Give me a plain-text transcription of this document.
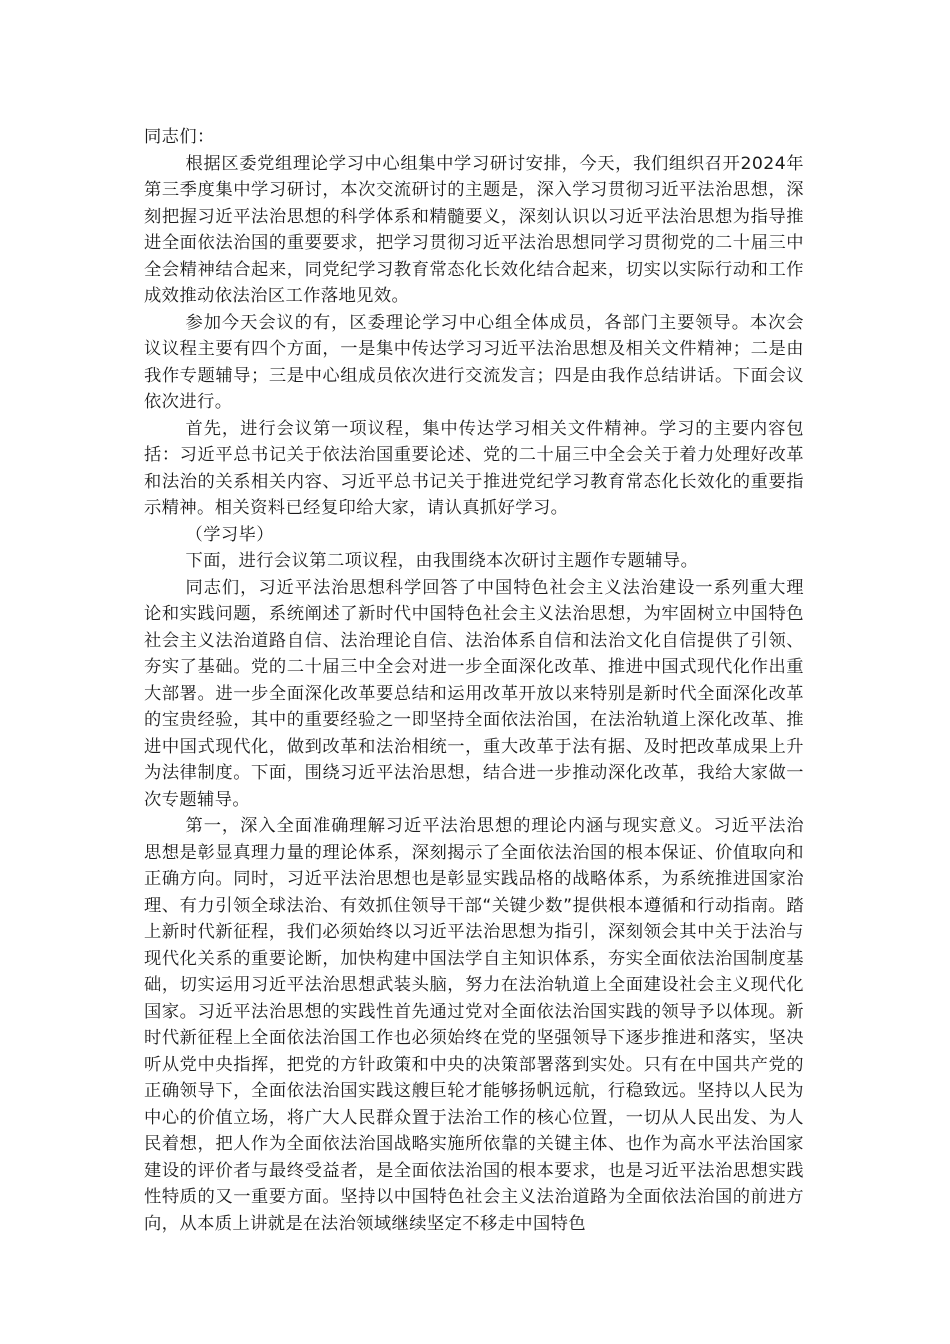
同志们：

根据区委党组理论学习中心组集中学习研讨安排，今天，我们组织召开2024年第三季度集中学习研讨，本次交流研讨的主题是，深入学习贯彻习近平法治思想，深刻把握习近平法治思想的科学体系和精髓要义，深刻认识以习近平法治思想为指导推进全面依法治国的重要要求，把学习贯彻习近平法治思想同学习贯彻党的二十届三中全会精神结合起来，同党纪学习教育常态化长效化结合起来，切实以实际行动和工作成效推动依法治区工作落地见效。

参加今天会议的有，区委理论学习中心组全体成员，各部门主要领导。本次会议议程主要有四个方面，一是集中传达学习习近平法治思想及相关文件精神；二是由我作专题辅导；三是中心组成员依次进行交流发言；四是由我作总结讲话。下面会议依次进行。

首先，进行会议第一项议程，集中传达学习相关文件精神。学习的主要内容包括：习近平总书记关于依法治国重要论述、党的二十届三中全会关于着力处理好改革和法治的关系相关内容、习近平总书记关于推进党纪学习教育常态化长效化的重要指示精神。相关资料已经复印给大家，请认真抓好学习。

（学习毕）

下面，进行会议第二项议程，由我围绕本次研讨主题作专题辅导。

同志们，习近平法治思想科学回答了中国特色社会主义法治建设一系列重大理论和实践问题，系统阐述了新时代中国特色社会主义法治思想，为牢固树立中国特色社会主义法治道路自信、法治理论自信、法治体系自信和法治文化自信提供了引领、夯实了基础。党的二十届三中全会对进一步全面深化改革、推进中国式现代化作出重大部署。进一步全面深化改革要总结和运用改革开放以来特别是新时代全面深化改革的宝贵经验，其中的重要经验之一即坚持全面依法治国，在法治轨道上深化改革、推进中国式现代化，做到改革和法治相统一，重大改革于法有据、及时把改革成果上升为法律制度。下面，围绕习近平法治思想，结合进一步推动深化改革，我给大家做一次专题辅导。

第一，深入全面准确理解习近平法治思想的理论内涵与现实意义。习近平法治思想是彰显真理力量的理论体系，深刻揭示了全面依法治国的根本保证、价值取向和正确方向。同时，习近平法治思想也是彰显实践品格的战略体系，为系统推进国家治理、有力引领全球法治、有效抓住领导干部“关键少数”提供根本遵循和行动指南。踏上新时代新征程，我们必须始终以习近平法治思想为指引，深刻领会其中关于法治与现代化关系的重要论断，加快构建中国法学自主知识体系，夯实全面依法治国制度基础，切实运用习近平法治思想武装头脑，努力在法治轨道上全面建设社会主义现代化国家。习近平法治思想的实践性首先通过党对全面依法治国实践的领导予以体现。新时代新征程上全面依法治国工作也必须始终在党的坚强领导下逐步推进和落实，坚决听从党中央指挥，把党的方针政策和中央的决策部署落到实处。只有在中国共产党的正确领导下，全面依法治国实践这艘巨轮才能够扬帆远航，行稳致远。坚持以人民为中心的价值立场，将广大人民群众置于法治工作的核心位置，一切从人民出发、为人民着想，把人作为全面依法治国战略实施所依靠的关键主体、也作为高水平法治国家建设的评价者与最终受益者，是全面依法治国的根本要求，也是习近平法治思想实践性特质的又一重要方面。坚持以中国特色社会主义法治道路为全面依法治国的前进方向，从本质上讲就是在法治领域继续坚定不移走中国特色
